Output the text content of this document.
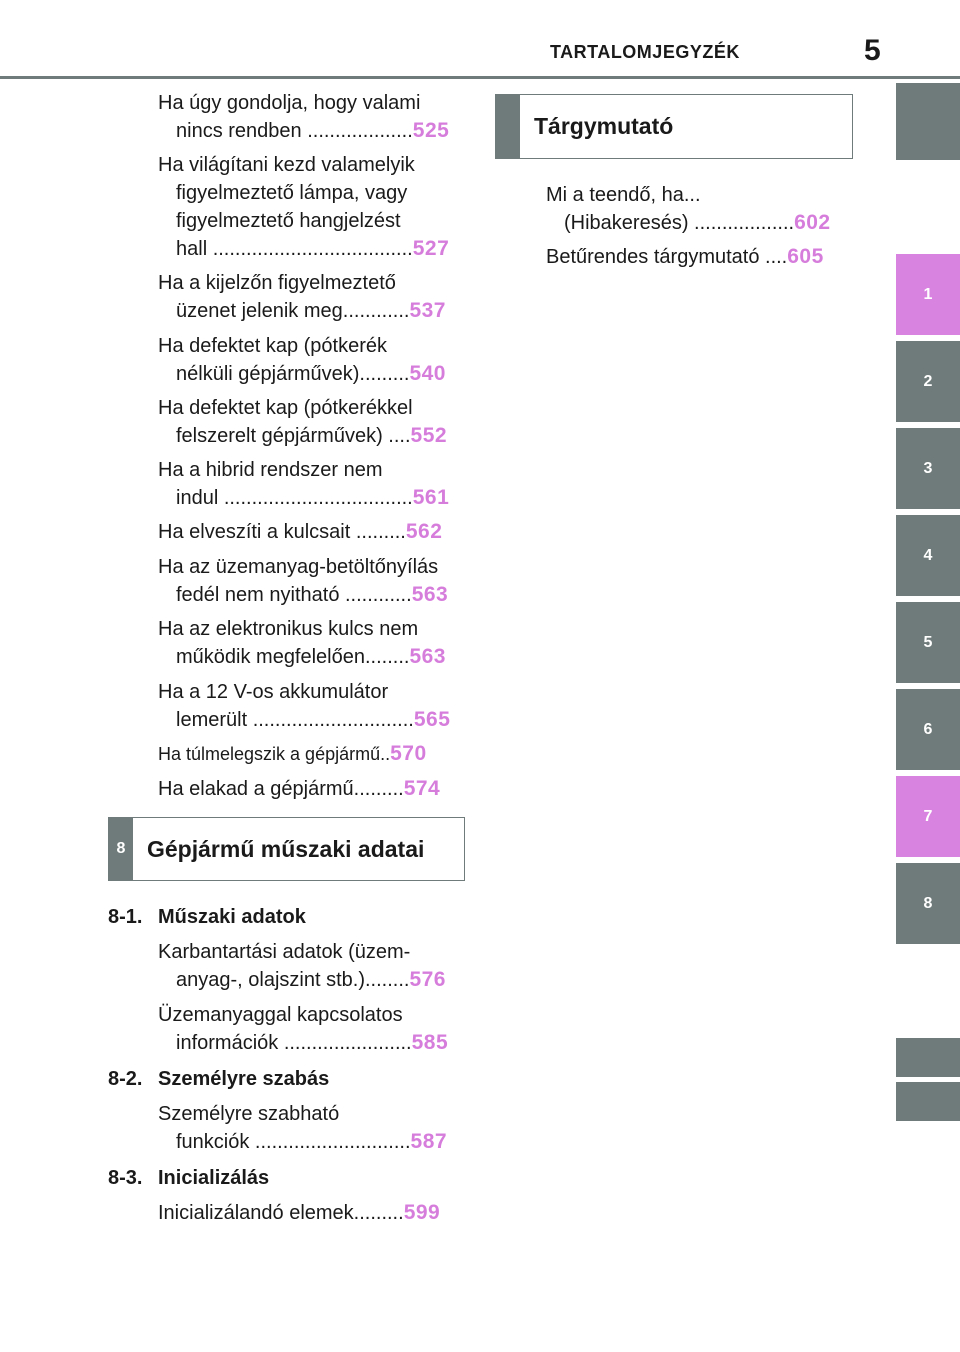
TARTALOMJEGYZÉK	5
1
2
3
4
5
6
7
8
Ha úgy gondolja, hogy valami
nincs rendben ...................525
Ha világítani kezd valamelyik
figyelmeztető lámpa, vagy
figyelmeztető hangjelzést
hall ....................................527
Ha a kijelzőn figyelmeztető
üzenet jelenik meg............537
Ha defektet kap (pótkerék
nélküli gépjárművek).........540
Ha defektet kap (pótkerékkel
felszerelt gépjárművek) ....552
Ha a hibrid rendszer nem
indul ..................................561
Ha elveszíti a kulcsait .........562
Ha az üzemanyag-betöltőnyílás
fedél nem nyitható ............563
Ha az elektronikus kulcs nem
működik megfelelően........563
Ha a 12 V-os akkumulátor
lemerült .............................565
Ha túlmelegszik a gépjármű..570
Ha elakad a gépjármű.........574
8 Gépjármű műszaki adatai
8-1. Műszaki adatok
Karbantartási adatok (üzem-
anyag-, olajszint stb.)........576
Üzemanyaggal kapcsolatos
információk .......................585
8-2. Személyre szabás
Személyre szabható
funkciók ............................587
8-3. Inicializálás
Inicializálandó elemek.........599
Tárgymutató
Mi a teendő, ha...
(Hibakeresés) ..................602
Betűrendes tárgymutató ....605
